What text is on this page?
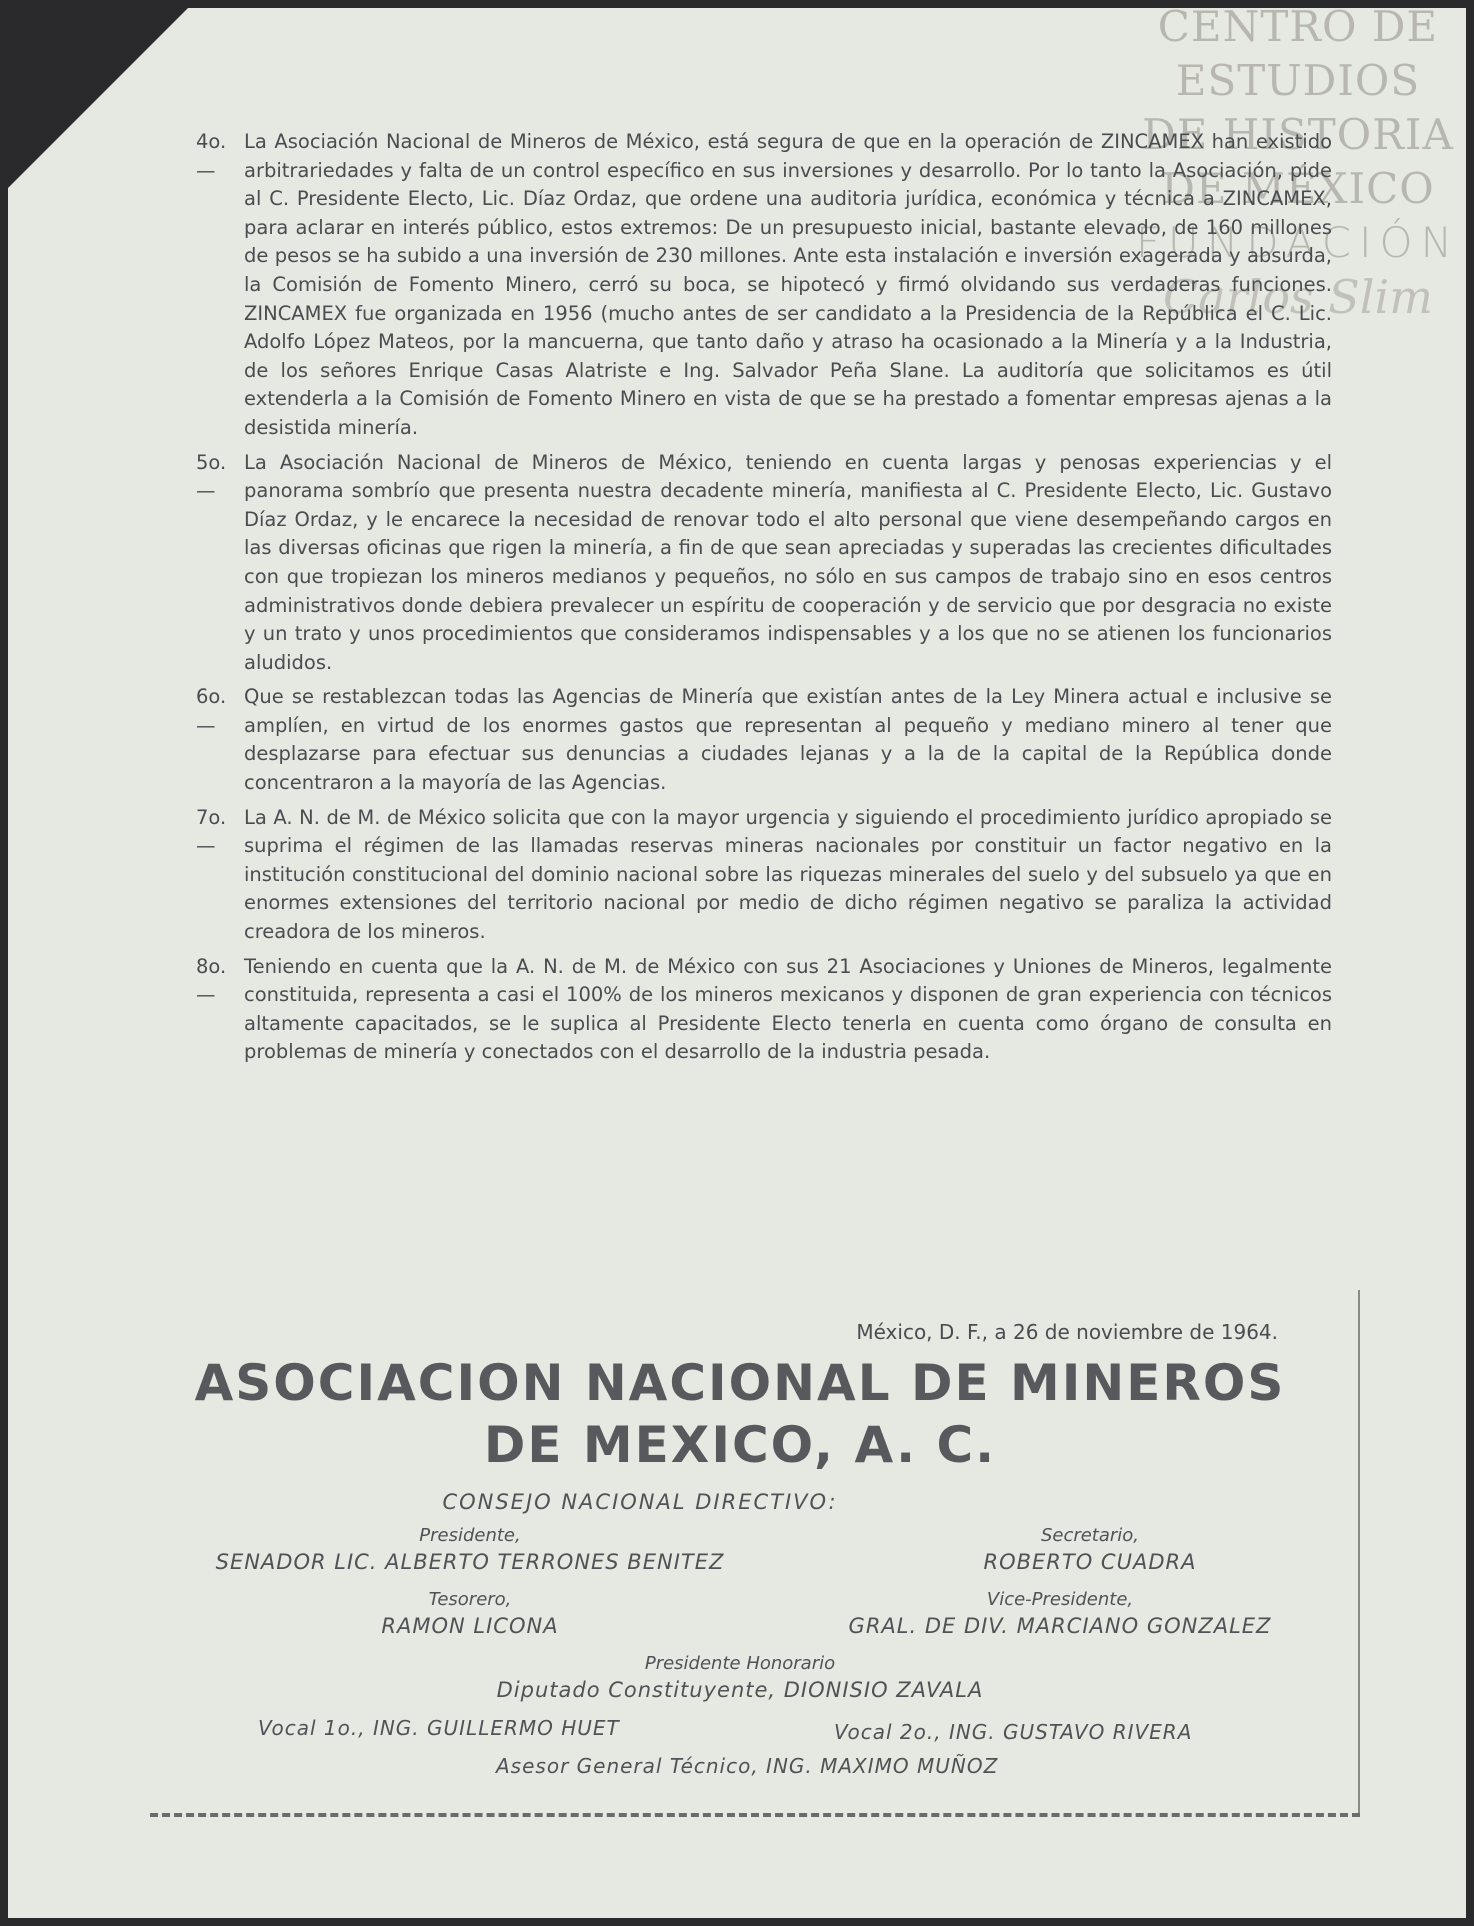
CENTRO DE
ESTUDIOS
DE HISTORIA
DE MÉXICO
FUNDACIÓN
Carlos Slim
4o.—
La Asociación Nacional de Mineros de México, está segura de que en la operación de ZINCAMEX han existido arbitrariedades y falta de un control específico en sus inversiones y desarrollo. Por lo tanto la Asociación, pide al C. Presidente Electo, Lic. Díaz Ordaz, que ordene una auditoria jurídica, económica y técnica a ZINCAMEX, para aclarar en interés público, estos extremos: De un presupuesto inicial, bastante elevado, de 160 millones de pesos se ha subido a una inversión de 230 millones. Ante esta instalación e inversión exagerada y absurda, la Comisión de Fomento Minero, cerró su boca, se hipotecó y firmó olvidando sus verdaderas funciones. ZINCAMEX fue organizada en 1956 (mucho antes de ser candidato a la Presidencia de la República el C. Lic. Adolfo López Mateos, por la mancuerna, que tanto daño y atraso ha ocasionado a la Minería y a la Industria, de los señores Enrique Casas Alatriste e Ing. Salvador Peña Slane. La auditoría que solicitamos es útil extenderla a la Comisión de Fomento Minero en vista de que se ha prestado a fomentar empresas ajenas a la desistida minería.
5o.—
La Asociación Nacional de Mineros de México, teniendo en cuenta largas y penosas experiencias y el panorama sombrío que presenta nuestra decadente minería, manifiesta al C. Presidente Electo, Lic. Gustavo Díaz Ordaz, y le encarece la necesidad de renovar todo el alto personal que viene desempeñando cargos en las diversas oficinas que rigen la minería, a fin de que sean apreciadas y superadas las crecientes dificultades con que tropiezan los mineros medianos y pequeños, no sólo en sus campos de trabajo sino en esos centros administrativos donde debiera prevalecer un espíritu de cooperación y de servicio que por desgracia no existe y un trato y unos procedimientos que consideramos indispensables y a los que no se atienen los funcionarios aludidos.
6o.—
Que se restablezcan todas las Agencias de Minería que existían antes de la Ley Minera actual e inclusive se amplíen, en virtud de los enormes gastos que representan al pequeño y mediano minero al tener que desplazarse para efectuar sus denuncias a ciudades lejanas y a la de la capital de la República donde concentraron a la mayoría de las Agencias.
7o.—
La A. N. de M. de México solicita que con la mayor urgencia y siguiendo el procedimiento jurídico apropiado se suprima el régimen de las llamadas reservas mineras nacionales por constituir un factor negativo en la institución constitucional del dominio nacional sobre las riquezas minerales del suelo y del subsuelo ya que en enormes extensiones del territorio nacional por medio de dicho régimen negativo se paraliza la actividad creadora de los mineros.
8o.—
Teniendo en cuenta que la A. N. de M. de México con sus 21 Asociaciones y Uniones de Mineros, legalmente constituida, representa a casi el 100% de los mineros mexicanos y disponen de gran experiencia con técnicos altamente capacitados, se le suplica al Presidente Electo tenerla en cuenta como órgano de consulta en problemas de minería y conectados con el desarrollo de la industria pesada.
México, D. F., a 26 de noviembre de 1964.
ASOCIACION NACIONAL DE MINEROS
DE MEXICO, A. C.
CONSEJO NACIONAL DIRECTIVO:
Presidente,
SENADOR LIC. ALBERTO TERRONES BENITEZ
Secretario,
ROBERTO CUADRA
Tesorero,
RAMON LICONA
Vice-Presidente,
GRAL. DE DIV. MARCIANO GONZALEZ
Presidente Honorario
Diputado Constituyente, DIONISIO ZAVALA
Vocal 1o., ING. GUILLERMO HUET	Vocal 2o., ING. GUSTAVO RIVERA
Asesor General Técnico, ING. MAXIMO MUÑOZ
